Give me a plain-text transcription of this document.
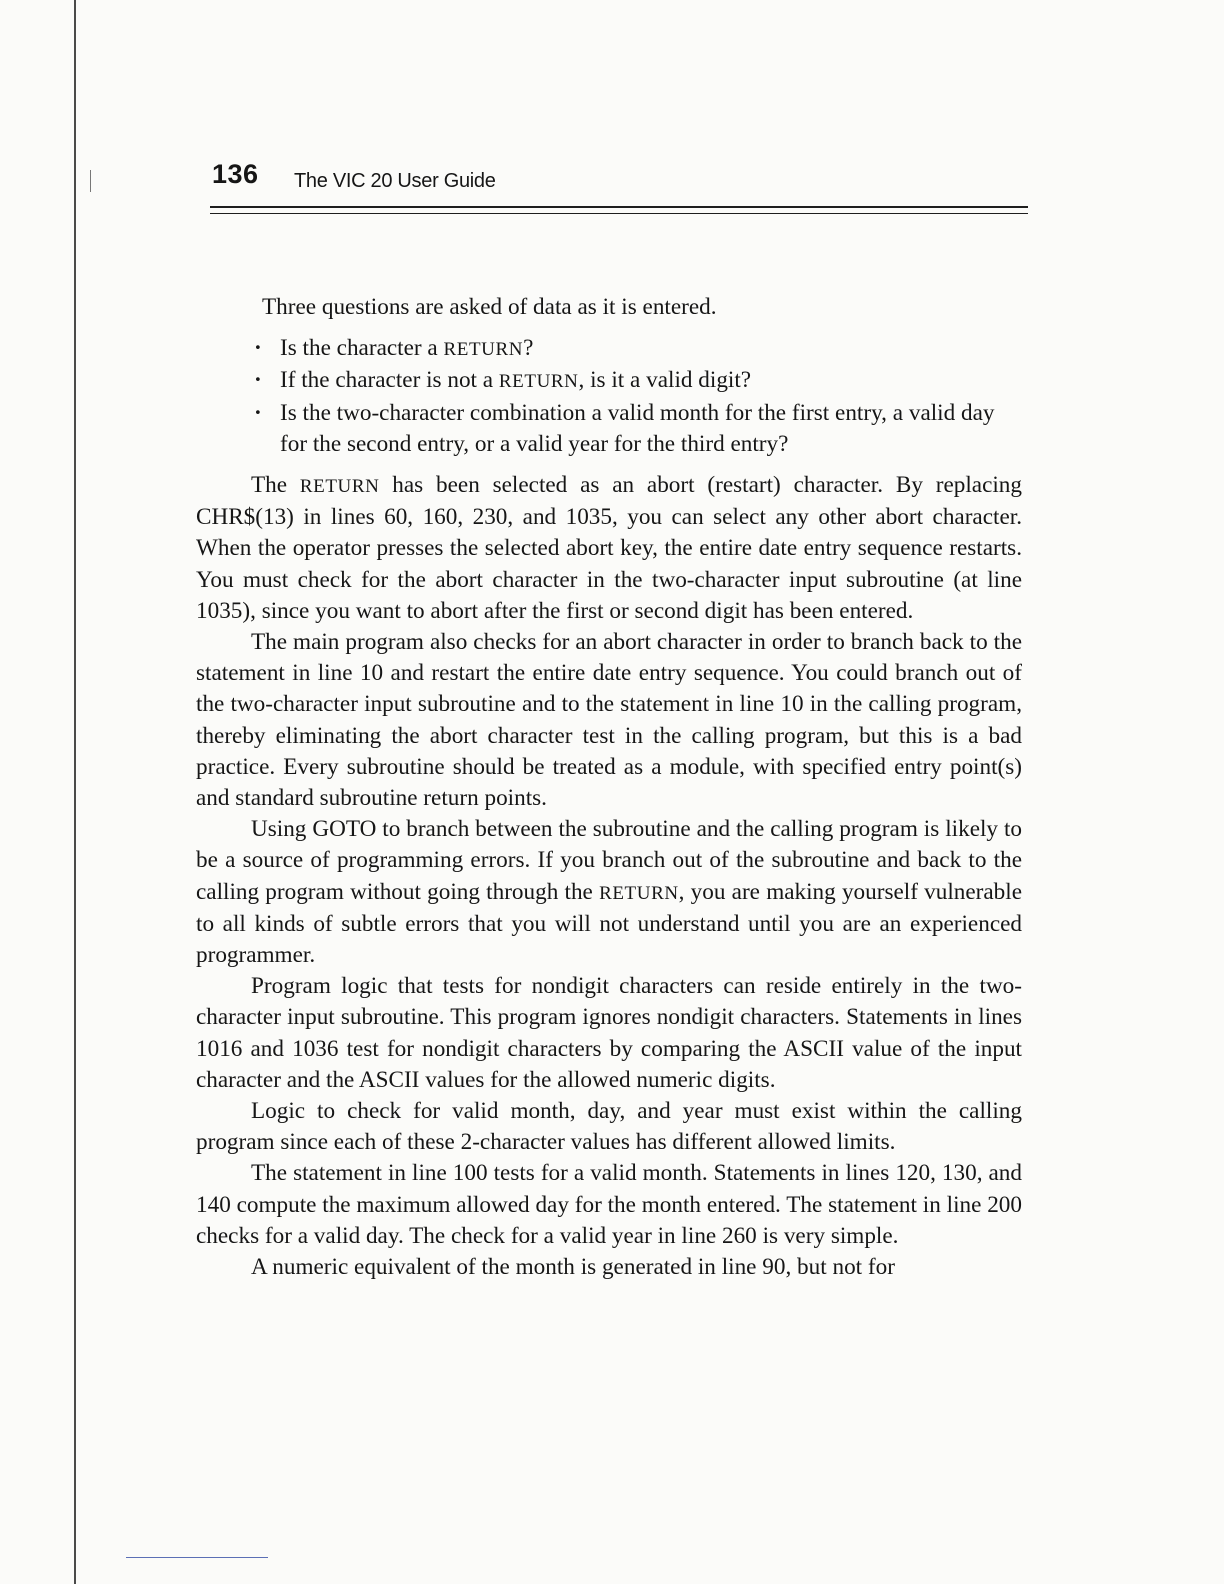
136 The VIC 20 User Guide

Three questions are asked of data as it is entered.

· Is the character a RETURN?
· If the character is not a RETURN, is it a valid digit?
· Is the two-character combination a valid month for the first entry, a valid day for the second entry, or a valid year for the third entry?

The RETURN has been selected as an abort (restart) character. By replacing CHR$(13) in lines 60, 160, 230, and 1035, you can select any other abort character. When the operator presses the selected abort key, the entire date entry sequence restarts. You must check for the abort character in the two-character input subroutine (at line 1035), since you want to abort after the first or second digit has been entered.

The main program also checks for an abort character in order to branch back to the statement in line 10 and restart the entire date entry sequence. You could branch out of the two-character input subroutine and to the statement in line 10 in the calling program, thereby eliminating the abort character test in the calling program, but this is a bad practice. Every subroutine should be treated as a module, with specified entry point(s) and standard subroutine return points.

Using GOTO to branch between the subroutine and the calling program is likely to be a source of programming errors. If you branch out of the subroutine and back to the calling program without going through the RETURN, you are making yourself vulnerable to all kinds of subtle errors that you will not understand until you are an experienced programmer.

Program logic that tests for nondigit characters can reside entirely in the two-character input subroutine. This program ignores nondigit characters. Statements in lines 1016 and 1036 test for nondigit characters by comparing the ASCII value of the input character and the ASCII values for the allowed numeric digits.

Logic to check for valid month, day, and year must exist within the calling program since each of these 2-character values has different allowed limits.

The statement in line 100 tests for a valid month. Statements in lines 120, 130, and 140 compute the maximum allowed day for the month entered. The statement in line 200 checks for a valid day. The check for a valid year in line 260 is very simple.

A numeric equivalent of the month is generated in line 90, but not for
